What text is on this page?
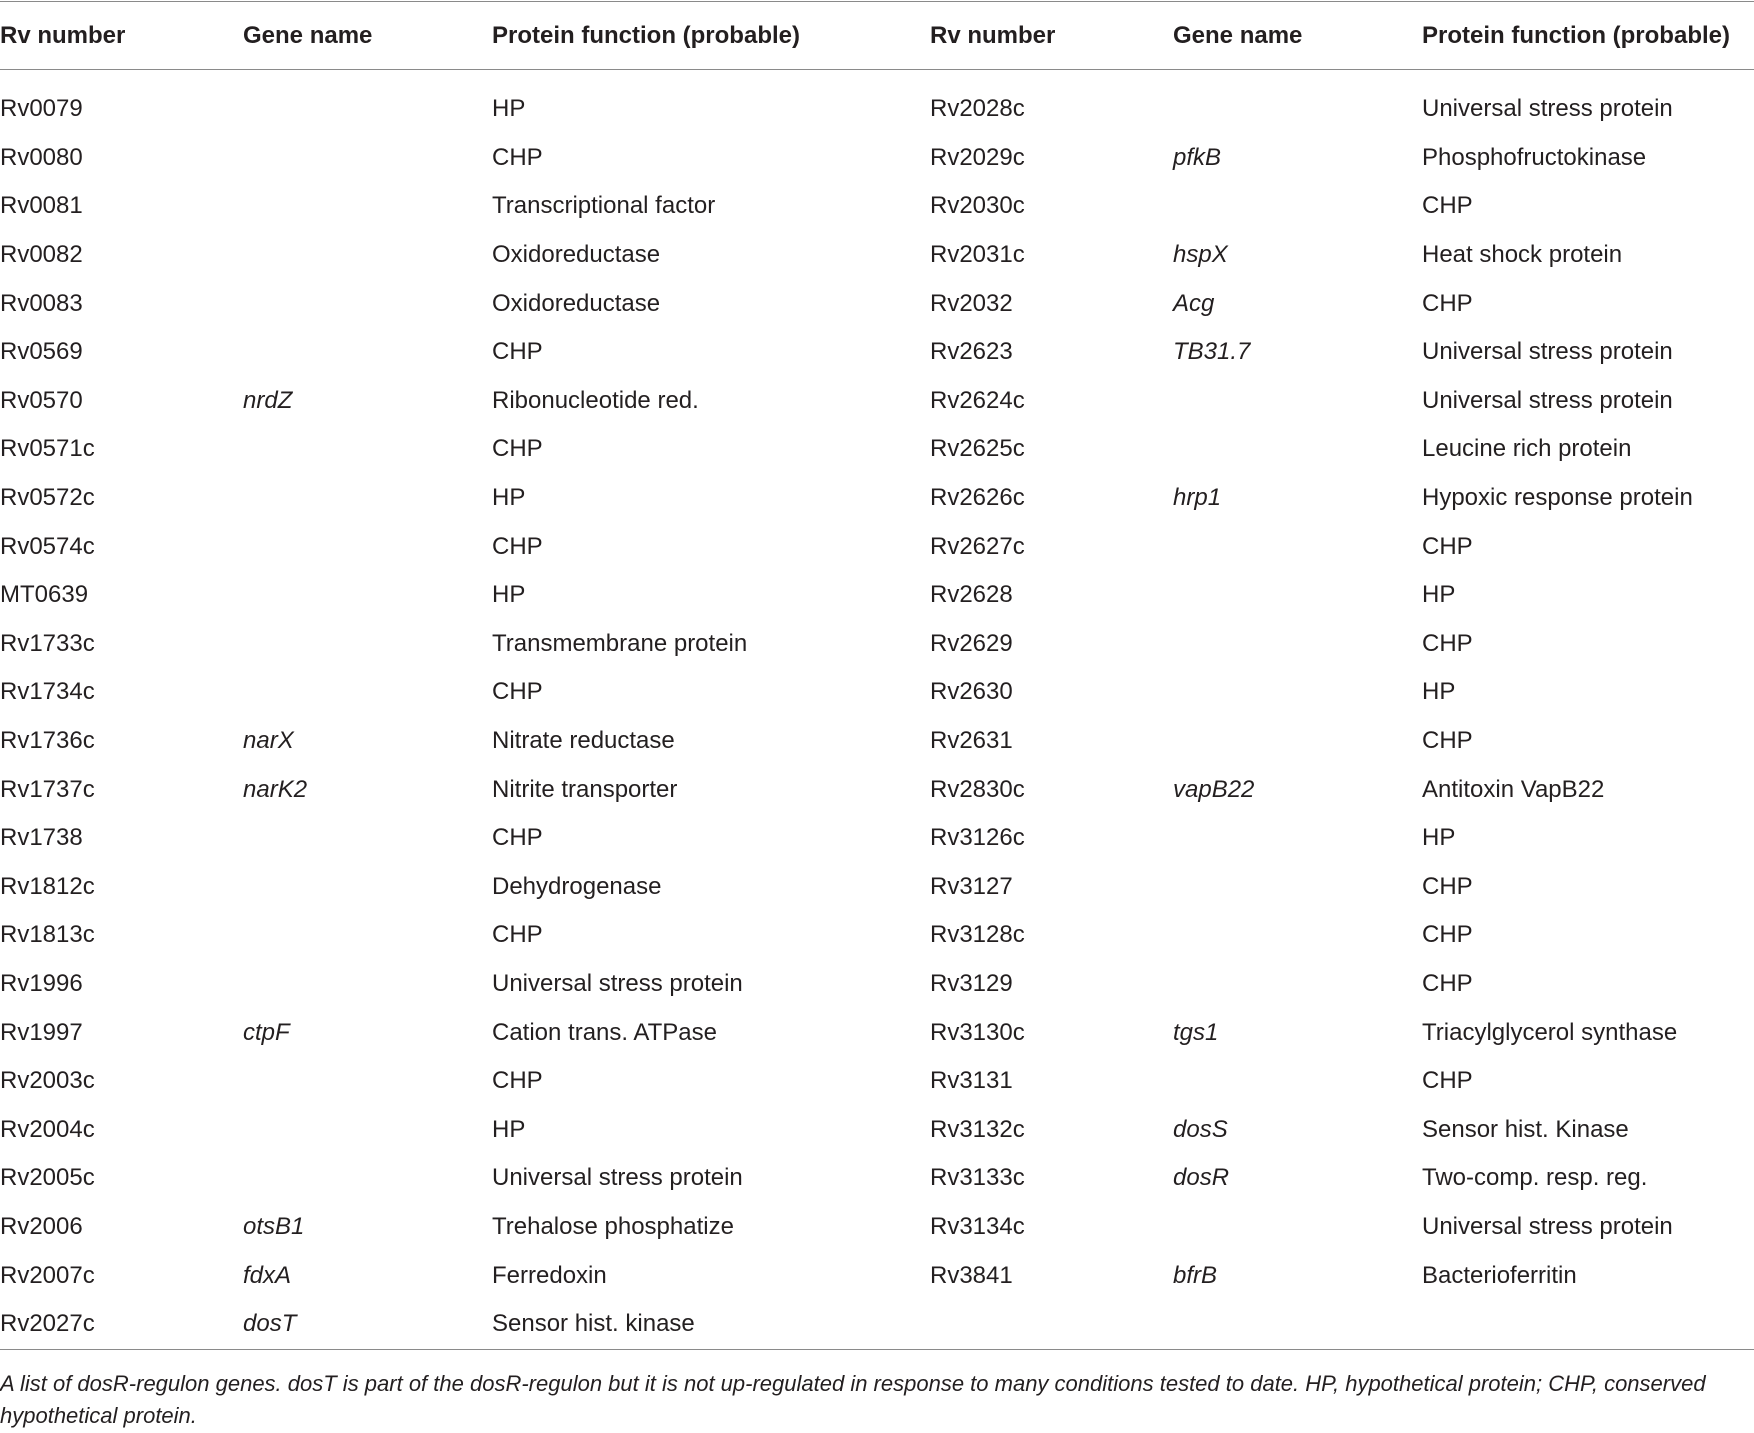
Rv number	Gene name	Protein function (probable)	Rv number	Gene name	Protein function (probable)

Rv0079		HP	Rv2028c		Universal stress protein
Rv0080		CHP	Rv2029c	pfkB	Phosphofructokinase
Rv0081		Transcriptional factor	Rv2030c		CHP
Rv0082		Oxidoreductase	Rv2031c	hspX	Heat shock protein
Rv0083		Oxidoreductase	Rv2032	Acg	CHP
Rv0569		CHP	Rv2623	TB31.7	Universal stress protein
Rv0570	nrdZ	Ribonucleotide red.	Rv2624c		Universal stress protein
Rv0571c		CHP	Rv2625c		Leucine rich protein
Rv0572c		HP	Rv2626c	hrp1	Hypoxic response protein
Rv0574c		CHP	Rv2627c		CHP
MT0639		HP	Rv2628		HP
Rv1733c		Transmembrane protein	Rv2629		CHP
Rv1734c		CHP	Rv2630		HP
Rv1736c	narX	Nitrate reductase	Rv2631		CHP
Rv1737c	narK2	Nitrite transporter	Rv2830c	vapB22	Antitoxin VapB22
Rv1738		CHP	Rv3126c		HP
Rv1812c		Dehydrogenase	Rv3127		CHP
Rv1813c		CHP	Rv3128c		CHP
Rv1996		Universal stress protein	Rv3129		CHP
Rv1997	ctpF	Cation trans. ATPase	Rv3130c	tgs1	Triacylglycerol synthase
Rv2003c		CHP	Rv3131		CHP
Rv2004c		HP	Rv3132c	dosS	Sensor hist. Kinase
Rv2005c		Universal stress protein	Rv3133c	dosR	Two-comp. resp. reg.
Rv2006	otsB1	Trehalose phosphatize	Rv3134c		Universal stress protein
Rv2007c	fdxA	Ferredoxin	Rv3841	bfrB	Bacterioferritin
Rv2027c	dosT	Sensor hist. kinase			
A list of dosR-regulon genes. dosT is part of the dosR-regulon but it is not up-regulated in response to many conditions tested to date. HP, hypothetical protein; CHP, conserved hypothetical protein.
